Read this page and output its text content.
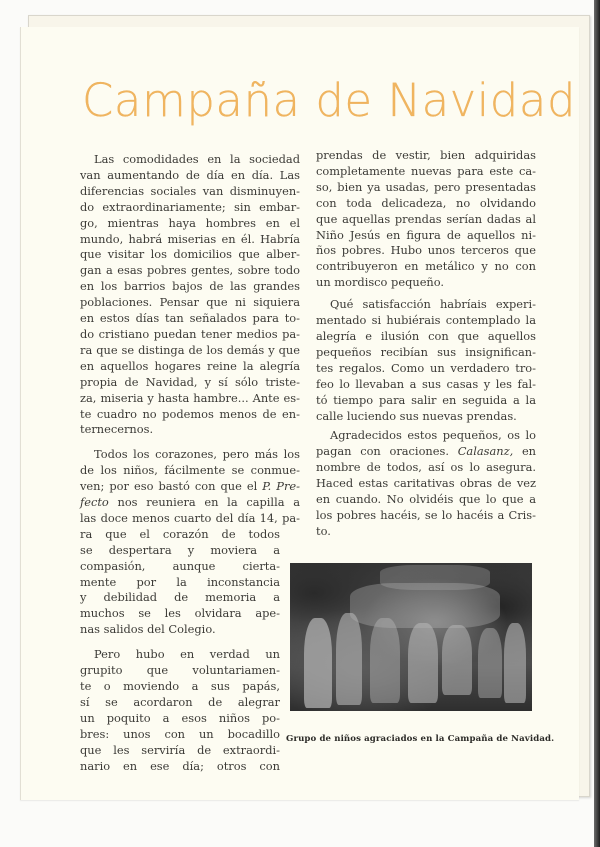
Campaña de Navidad

Las comodidades en la sociedad
van aumentando de día en día. Las
diferencias sociales van disminuyen-
do extraordinariamente; sin embar-
go, mientras haya hombres en el
mundo, habrá miserias en él. Habría
que visitar los domicilios que alber-
gan a esas pobres gentes, sobre todo
en los barrios bajos de las grandes
poblaciones. Pensar que ni siquiera
en estos días tan señalados para to-
do cristiano puedan tener medios pa-
ra que se distinga de los demás y que
en aquellos hogares reine la alegría
propia de Navidad, y sí sólo triste-
za, miseria y hasta hambre... Ante es-
te cuadro no podemos menos de en-
ternecernos.

Todos los corazones, pero más los
de los niños, fácilmente se conmue-
ven; por eso bastó con que el P. Pre-
fecto nos reuniera en la capilla a
las doce menos cuarto del día 14, pa-
ra que el corazón de todos
se despertara y moviera a
compasión, aunque cierta-
mente por la inconstancia
y debilidad de memoria a
muchos se les olvidara ape-
nas salidos del Colegio.

Pero hubo en verdad un
grupito que voluntariamen-
te o moviendo a sus papás,
sí se acordaron de alegrar
un poquito a esos niños po-
bres: unos con un bocadillo
que les serviría de extraordi-
nario en ese día; otros con

prendas de vestir, bien adquiridas
completamente nuevas para este ca-
so, bien ya usadas, pero presentadas
con toda delicadeza, no olvidando
que aquellas prendas serían dadas al
Niño Jesús en figura de aquellos ni-
ños pobres. Hubo unos terceros que
contribuyeron en metálico y no con
un mordisco pequeño.

Qué satisfacción habríais experi-
mentado si hubiérais contemplado la
alegría e ilusión con que aquellos
pequeños recibían sus insignifican-
tes regalos. Como un verdadero tro-
feo lo llevaban a sus casas y les fal-
tó tiempo para salir en seguida a la
calle luciendo sus nuevas prendas.

Agradecidos estos pequeños, os lo
pagan con oraciones. Calasanz, en
nombre de todos, así os lo asegura.
Haced estas caritativas obras de vez
en cuando. No olvidéis que lo que a
los pobres hacéis, se lo hacéis a Cris-
to.

Grupo de niños agraciados en la Campaña de Navidad.
